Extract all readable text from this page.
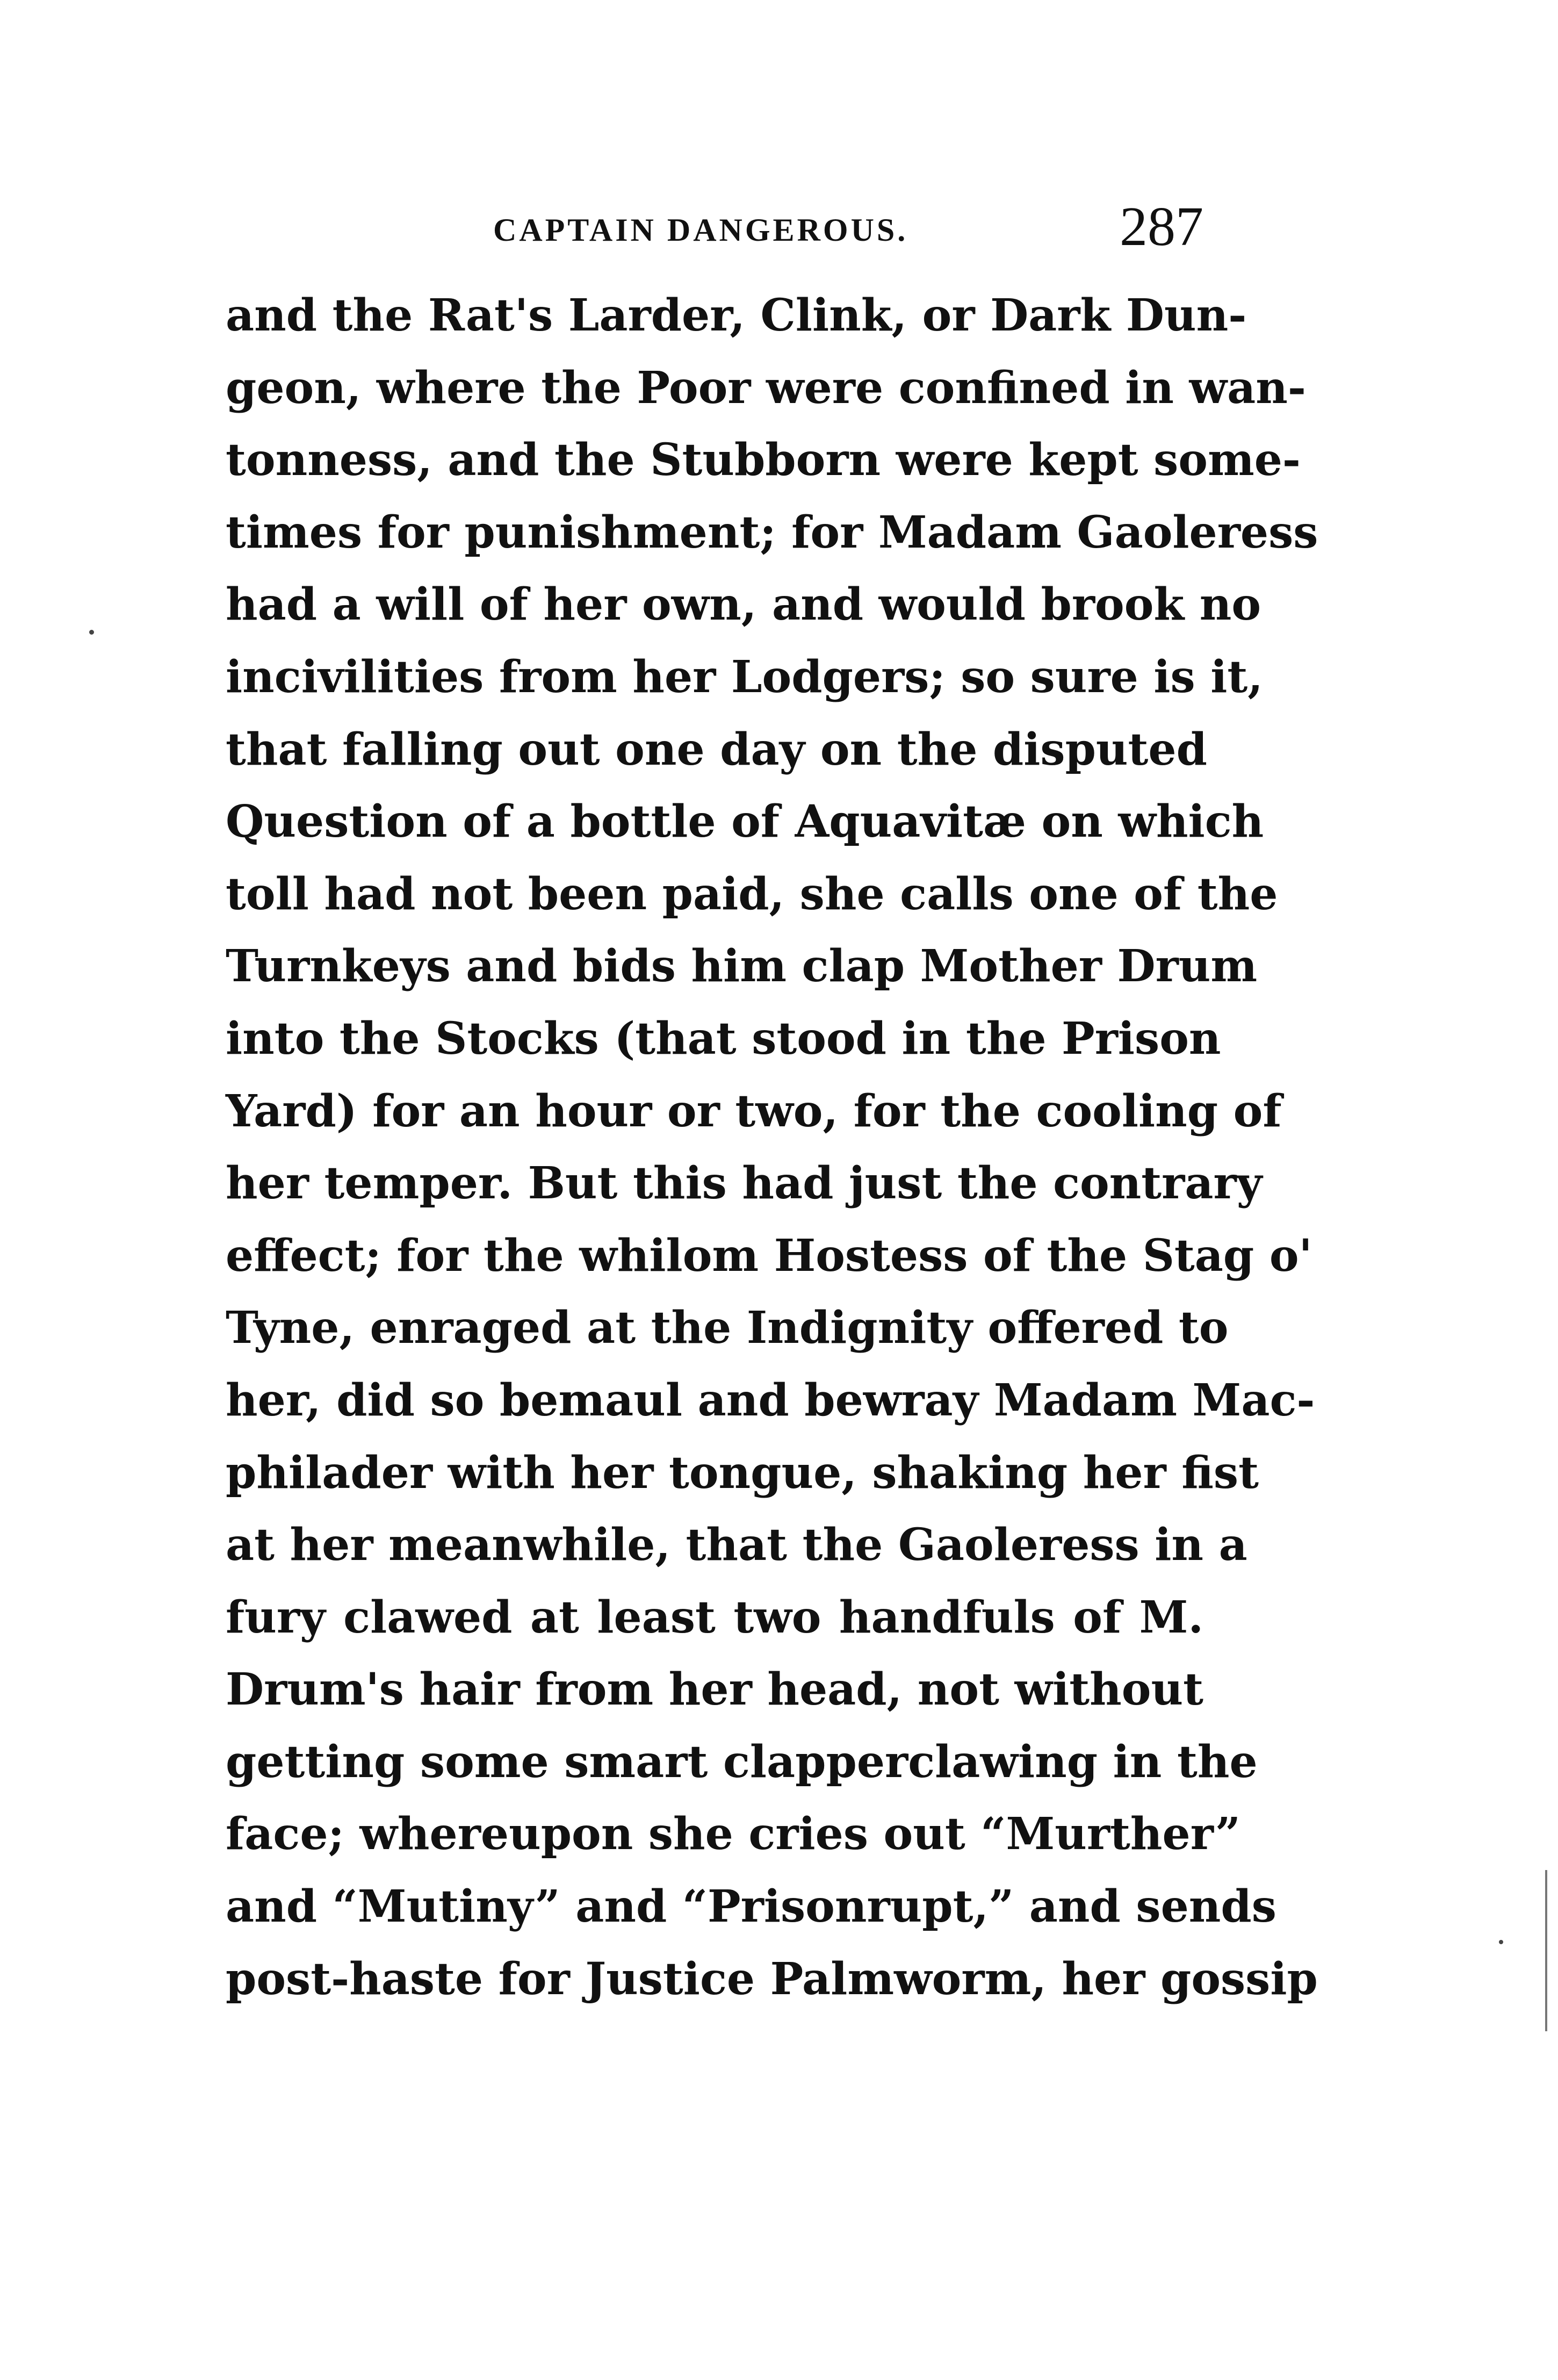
CAPTAIN DANGEROUS.	287
and the Rat's Larder, Clink, or Dark Dun-
geon, where the Poor were confined in wan-
tonness, and the Stubborn were kept some-
times for punishment; for Madam Gaoleress
had a will of her own, and would brook no
incivilities from her Lodgers; so sure is it,
that falling out one day on the disputed
Question of a bottle of Aquavitæ on which
toll had not been paid, she calls one of the
Turnkeys and bids him clap Mother Drum
into the Stocks (that stood in the Prison
Yard) for an hour or two, for the cooling of
her temper. But this had just the contrary
effect; for the whilom Hostess of the Stag o'
Tyne, enraged at the Indignity offered to
her, did so bemaul and bewray Madam Mac-
philader with her tongue, shaking her fist
at her meanwhile, that the Gaoleress in a
fury clawed at least two handfuls of M.
Drum's hair from her head, not without
getting some smart clapperclawing in the
face; whereupon she cries out “Murther”
and “Mutiny” and “Prisonrupt,” and sends
post-haste for Justice Palmworm, her gossip
